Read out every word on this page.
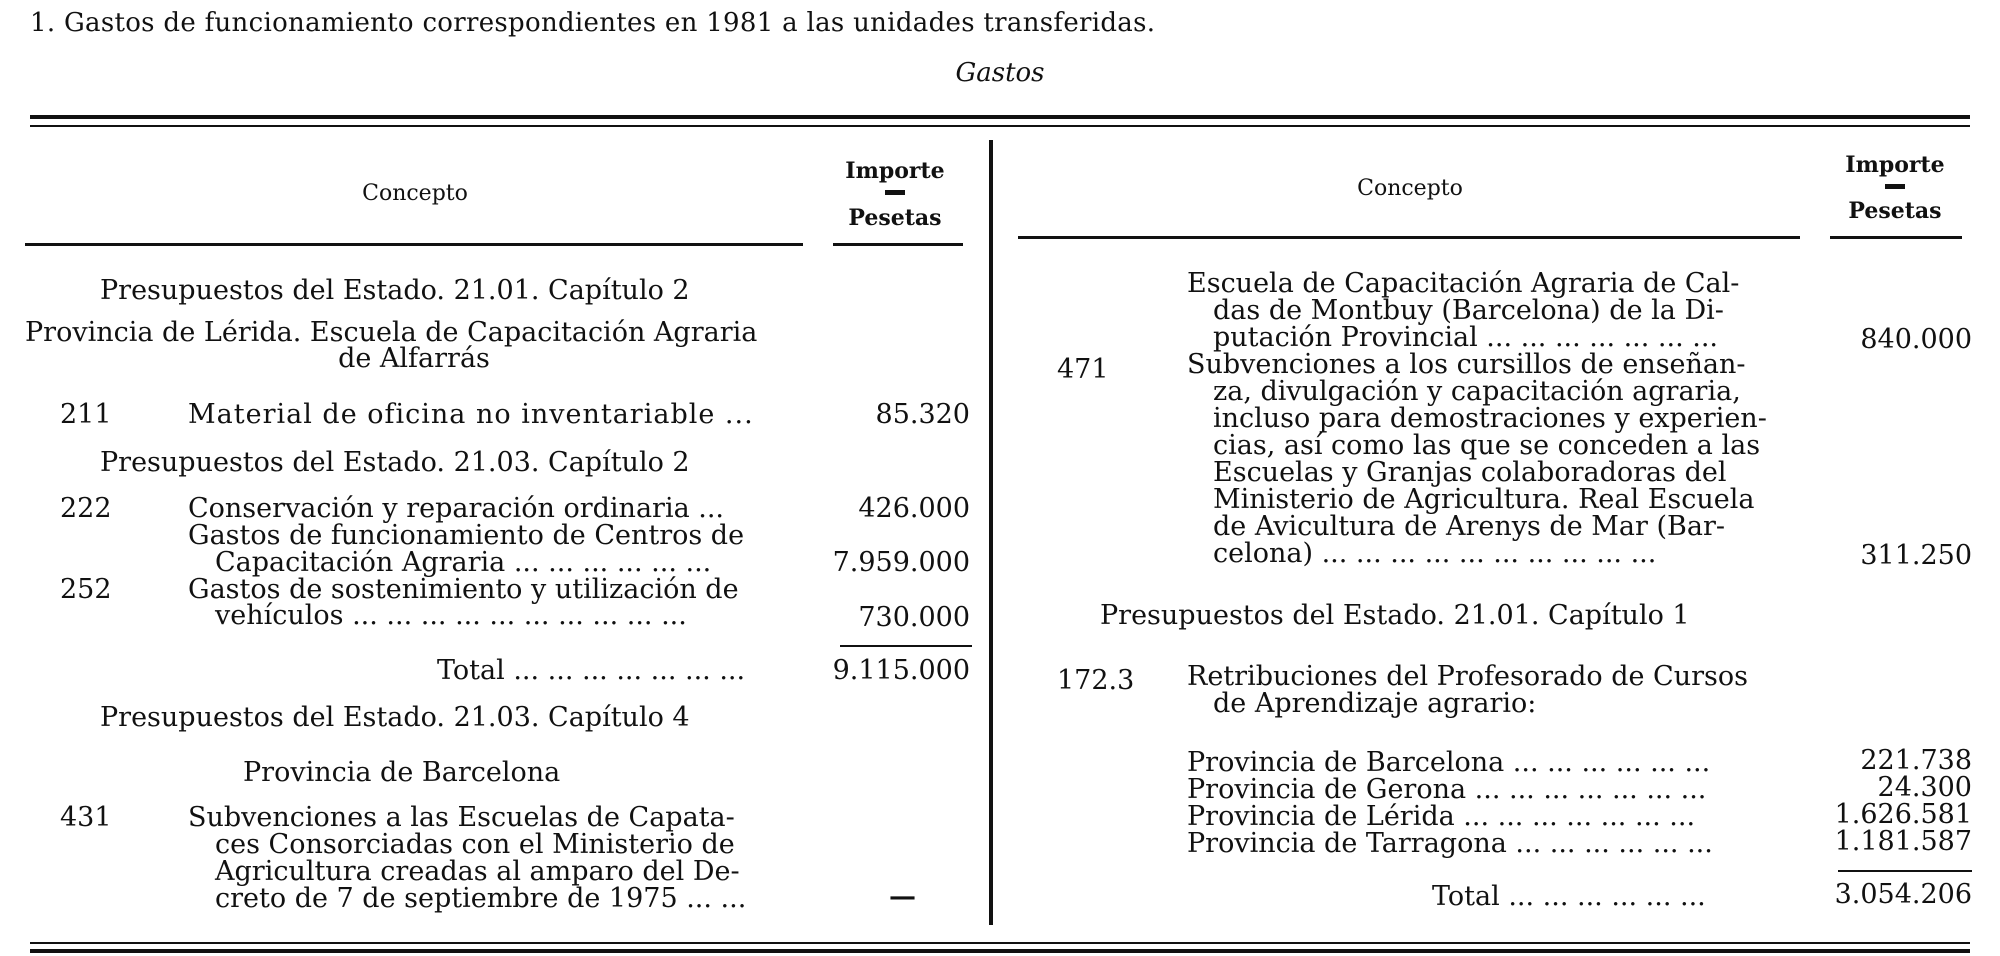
1. Gastos de funcionamiento correspondientes en 1981 a las unidades transferidas.
Gastos
Concepto
Importe
Pesetas
Presupuestos del Estado. 21.01. Capítulo 2
Provincia de Lérida. Escuela de Capacitación Agraria
de Alfarrás
211	Material de oficina no inventariable ...	85.320
Presupuestos del Estado. 21.03. Capítulo 2
222	Conservación y reparación ordinaria ...	426.000
Gastos de funcionamiento de Centros de
Capacitación Agraria ... ... ... ... ... ...	7.959.000
252	Gastos de sostenimiento y utilización de
vehículos ... ... ... ... ... ... ... ... ... ...	730.000
Total ... ... ... ... ... ... ...	9.115.000
Presupuestos del Estado. 21.03. Capítulo 4
Provincia de Barcelona
431	Subvenciones a las Escuelas de Capata-
ces Consorciadas con el Ministerio de
Agricultura creadas al amparo del De-
creto de 7 de septiembre de 1975 ... ...	—
Concepto
Importe
Pesetas
Escuela de Capacitación Agraria de Cal-
das de Montbuy (Barcelona) de la Di-
putación Provincial ... ... ... ... ... ... ...	840.000
471	Subvenciones a los cursillos de enseñan-
za, divulgación y capacitación agraria,
incluso para demostraciones y experien-
cias, así como las que se conceden a las
Escuelas y Granjas colaboradoras del
Ministerio de Agricultura. Real Escuela
de Avicultura de Arenys de Mar (Bar-
celona) ... ... ... ... ... ... ... ... ... ...	311.250
Presupuestos del Estado. 21.01. Capítulo 1
172.3 Retribuciones del Profesorado de Cursos
de Aprendizaje agrario:
Provincia de Barcelona ... ... ... ... ... ...	221.738
Provincia de Gerona ... ... ... ... ... ... ...	24.300
Provincia de Lérida ... ... ... ... ... ... ...	1.626.581
Provincia de Tarragona ... ... ... ... ... ...	1.181.587
Total ... ... ... ... ... ...	3.054.206
